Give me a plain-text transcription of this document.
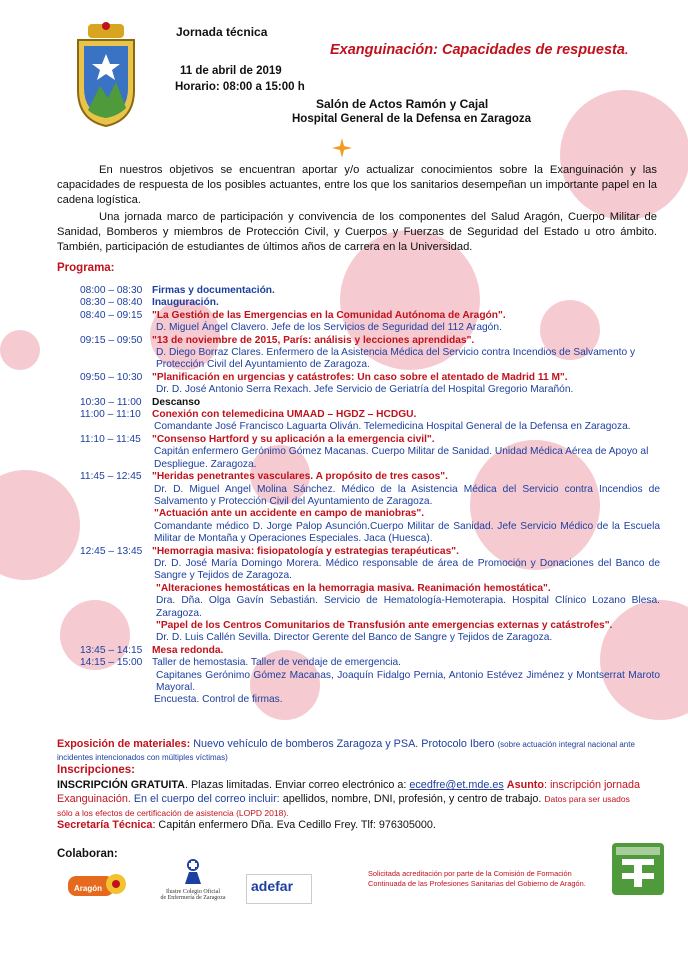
Jornada técnica
Exanguinación: Capacidades de respuesta.
11 de abril de 2019
Horario: 08:00 a 15:00 h
Salón de Actos Ramón y Cajal
Hospital General de la Defensa en Zaragoza
En nuestros objetivos se encuentran aportar y/o actualizar conocimientos sobre la Exanguinación y las capacidades de respuesta de los posibles actuantes, entre los que los sanitarios desempeñan un importante papel en la cadena logística.
Una jornada marco de participación y convivencia de los componentes del Salud Aragón, Cuerpo Militar de Sanidad, Bomberos y miembros de Protección Civil, y Cuerpos y Fuerzas de Seguridad del Estado u otro ámbito. También, participación de estudiantes de últimos años de carrera en la Universidad.
Programa:
08:00 – 08:30 Firmas y documentación.
08:30 – 08:40 Inauguración.
08:40 – 09:15 "La Gestión de las Emergencias en la Comunidad Autónoma de Aragón".
D. Miguel Ángel Clavero. Jefe de los Servicios de Seguridad del 112 Aragón.
09:15 – 09:50 "13 de noviembre de 2015, París: análisis y lecciones aprendidas".
D. Diego Borraz Clares. Enfermero de la Asistencia Médica del Servicio contra Incendios de Salvamento y Protección Civil del Ayuntamiento de Zaragoza.
09:50 – 10:30 "Planificación en urgencias y catástrofes: Un caso sobre el atentado de Madrid 11 M".
Dr. D. José Antonio Serra Rexach. Jefe Servicio de Geriatría del Hospital Gregorio Marañón.
10:30 – 11:00	Descanso
11:00 – 11:10	Conexión con telemedicina UMAAD – HGDZ – HCDGU.
Comandante José Francisco Laguarta Oliván. Telemedicina Hospital General de la Defensa en Zaragoza.
11:10 – 11:45	"Consenso Hartford y su aplicación a la emergencia civil".
Capitán enfermero Gerónimo Gómez Macanas. Cuerpo Militar de Sanidad. Unidad Médica Aérea de Apoyo al Despliegue. Zaragoza.
11:45 – 12:45	"Heridas penetrantes vasculares. A propósito de tres casos".
Dr. D. Miguel Angel Molina Sánchez. Médico de la Asistencia Médica del Servicio contra Incendios de Salvamento y Protección Civil del Ayuntamiento de Zaragoza.
"Actuación ante un accidente en campo de maniobras".
Comandante médico D. Jorge Palop Asunción.Cuerpo Militar de Sanidad. Jefe Servicio Médico de la Escuela Militar de Montaña y Operaciones Especiales. Jaca (Huesca).
12:45 – 13:45 "Hemorragia masiva: fisiopatología y estrategias terapéuticas".
Dr. D. José María Domingo Morera. Médico responsable de área de Promoción y Donaciones del Banco de Sangre y Tejidos de Zaragoza.
"Alteraciones hemostáticas en la hemorragia masiva. Reanimación hemostática".
Dra. Dña. Olga Gavín Sebastián. Servicio de Hematología-Hemoterapia. Hospital Clínico Lozano Blesa. Zaragoza.
"Papel de los Centros Comunitarios de Transfusión ante emergencias externas y catástrofes".
Dr. D. Luis Callén Sevilla. Director Gerente del Banco de Sangre y Tejidos de Zaragoza.
13:45 – 14:15 Mesa redonda.
14:15 – 15:00 Taller de hemostasia. Taller de vendaje de emergencia.
Capitanes Gerónimo Gómez Macanas, Joaquín Fidalgo Pernia, Antonio Estévez Jiménez y Montserrat Maroto Mayoral.
Encuesta. Control de firmas.
Exposición de materiales: Nuevo vehículo de bomberos Zaragoza y PSA. Protocolo Ibero (sobre actuación integral nacional ante incidentes intencionados con múltiples víctimas)
Inscripciones:
INSCRIPCIÓN GRATUITA. Plazas limitadas. Enviar correo electrónico a: ecedfre@et.mde.es Asunto: inscripción jornada Exanguinación. En el cuerpo del correo incluir: apellidos, nombre, DNI, profesión, y centro de trabajo. Datos para ser usados sólo a los efectos de certificación de asistencia (LOPD 2018).
Secretaría Técnica: Capitán enfermero Dña. Eva Cedillo Frey. Tlf: 976305000.
Colaboran:
Aragón	Ilustre Colegio Oficial
de Enfermería de Zaragoza
adefar
Solicitada acreditación por parte de la Comisión de Formación Continuada de las Profesiones Sanitarias del Gobierno de Aragón.
